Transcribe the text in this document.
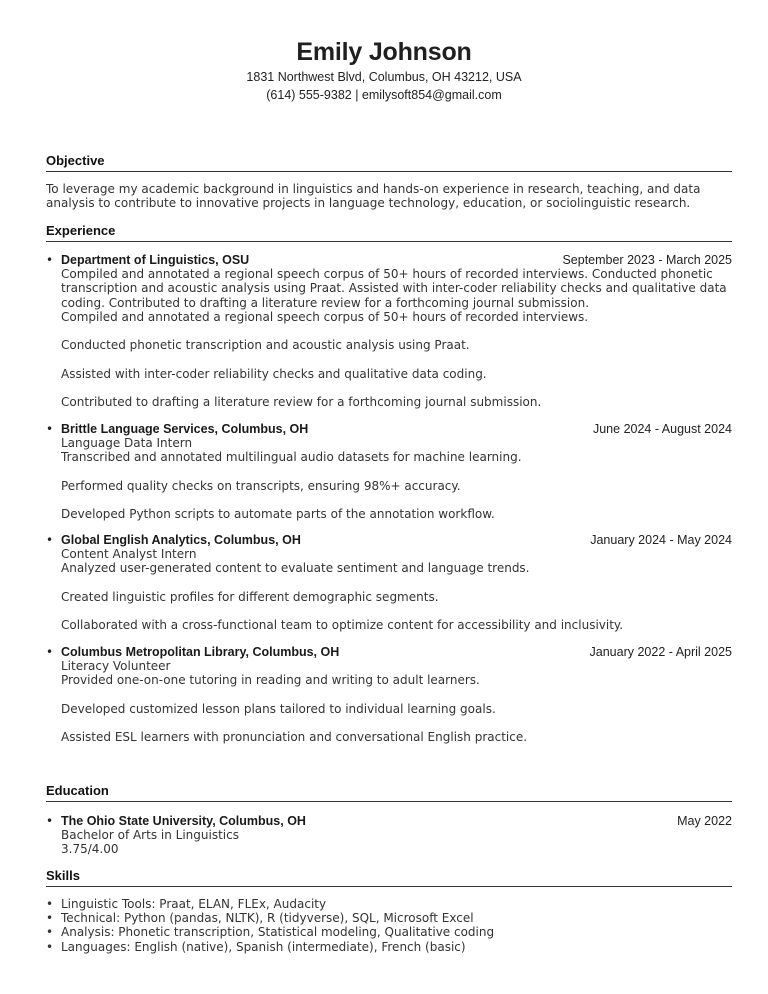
Emily Johnson
1831 Northwest Blvd, Columbus, OH 43212, USA
(614) 555-9382 | emilysoft854@gmail.com
Objective
To leverage my academic background in linguistics and hands-on experience in research, teaching, and data analysis to contribute to innovative projects in language technology, education, or sociolinguistic research.
Experience
• Department of Linguistics, OSU	September 2023 - March 2025
Compiled and annotated a regional speech corpus of 50+ hours of recorded interviews. Conducted phonetic transcription and acoustic analysis using Praat. Assisted with inter-coder reliability checks and qualitative data coding. Contributed to drafting a literature review for a forthcoming journal submission.
Compiled and annotated a regional speech corpus of 50+ hours of recorded interviews.
Conducted phonetic transcription and acoustic analysis using Praat.
Assisted with inter-coder reliability checks and qualitative data coding.
Contributed to drafting a literature review for a forthcoming journal submission.
• Brittle Language Services, Columbus, OH	June 2024 - August 2024
Language Data Intern
Transcribed and annotated multilingual audio datasets for machine learning.
Performed quality checks on transcripts, ensuring 98%+ accuracy.
Developed Python scripts to automate parts of the annotation workflow.
• Global English Analytics, Columbus, OH	January 2024 - May 2024
Content Analyst Intern
Analyzed user-generated content to evaluate sentiment and language trends.
Created linguistic profiles for different demographic segments.
Collaborated with a cross-functional team to optimize content for accessibility and inclusivity.
• Columbus Metropolitan Library, Columbus, OH	January 2022 - April 2025
Literacy Volunteer
Provided one-on-one tutoring in reading and writing to adult learners.
Developed customized lesson plans tailored to individual learning goals.
Assisted ESL learners with pronunciation and conversational English practice.
Education
• The Ohio State University, Columbus, OH	May 2022
Bachelor of Arts in Linguistics
3.75/4.00
Skills
• Linguistic Tools: Praat, ELAN, FLEx, Audacity
• Technical: Python (pandas, NLTK), R (tidyverse), SQL, Microsoft Excel
• Analysis: Phonetic transcription, Statistical modeling, Qualitative coding
• Languages: English (native), Spanish (intermediate), French (basic)
